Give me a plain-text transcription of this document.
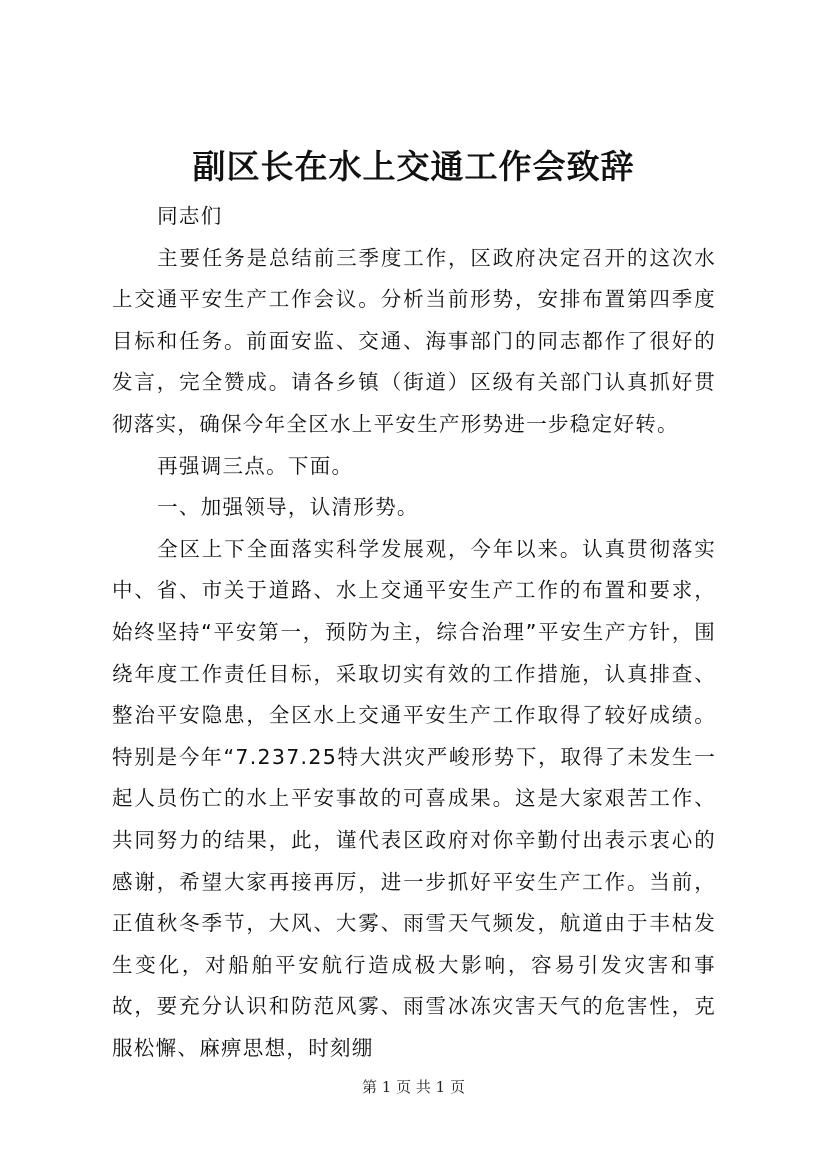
副区长在水上交通工作会致辞

同志们

主要任务是总结前三季度工作，区政府决定召开的这次水上交通平安生产工作会议。分析当前形势，安排布置第四季度目标和任务。前面安监、交通、海事部门的同志都作了很好的发言，完全赞成。请各乡镇（街道）区级有关部门认真抓好贯彻落实，确保今年全区水上平安生产形势进一步稳定好转。

再强调三点。下面。

一、加强领导，认清形势。

全区上下全面落实科学发展观，今年以来。认真贯彻落实中、省、市关于道路、水上交通平安生产工作的布置和要求，始终坚持“平安第一，预防为主，综合治理”平安生产方针，围绕年度工作责任目标，采取切实有效的工作措施，认真排查、整治平安隐患，全区水上交通平安生产工作取得了较好成绩。特别是今年“7.237.25特大洪灾严峻形势下，取得了未发生一起人员伤亡的水上平安事故的可喜成果。这是大家艰苦工作、共同努力的结果，此，谨代表区政府对你辛勤付出表示衷心的感谢，希望大家再接再厉，进一步抓好平安生产工作。当前，正值秋冬季节，大风、大雾、雨雪天气频发，航道由于丰枯发生变化，对船舶平安航行造成极大影响，容易引发灾害和事故，要充分认识和防范风雾、雨雪冰冻灾害天气的危害性，克服松懈、麻痹思想，时刻绷

第 1 页 共 1 页
